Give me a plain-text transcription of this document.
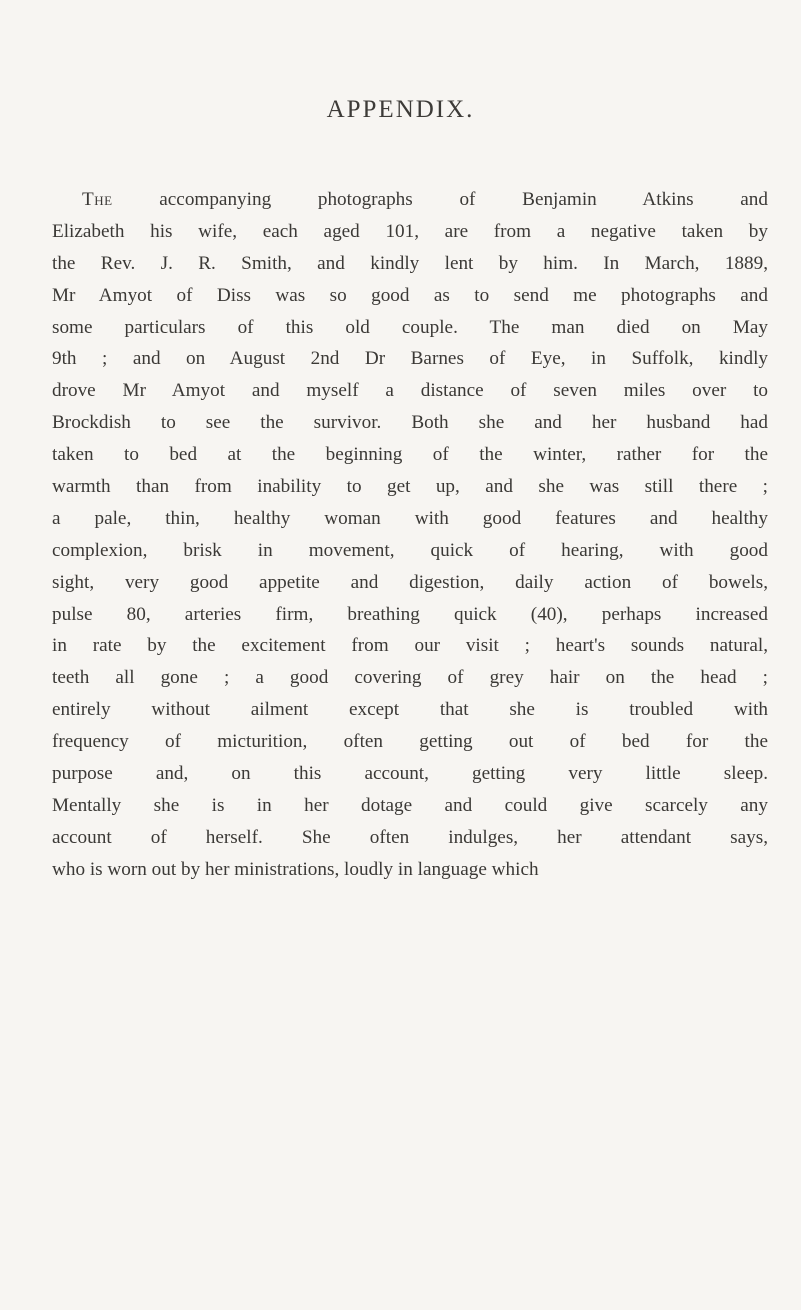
APPENDIX.
The accompanying photographs of Benjamin Atkins and
Elizabeth his wife, each aged 101, are from a negative taken by
the Rev. J. R. Smith, and kindly lent by him. In March, 1889,
Mr Amyot of Diss was so good as to send me photographs and
some particulars of this old couple. The man died on May
9th ; and on August 2nd Dr Barnes of Eye, in Suffolk, kindly
drove Mr Amyot and myself a distance of seven miles over to
Brockdish to see the survivor. Both she and her husband had
taken to bed at the beginning of the winter, rather for the
warmth than from inability to get up, and she was still there ;
a pale, thin, healthy woman with good features and healthy
complexion, brisk in movement, quick of hearing, with good
sight, very good appetite and digestion, daily action of bowels,
pulse 80, arteries firm, breathing quick (40), perhaps increased
in rate by the excitement from our visit ; heart's sounds natural,
teeth all gone ; a good covering of grey hair on the head ;
entirely without ailment except that she is troubled with
frequency of micturition, often getting out of bed for the
purpose and, on this account, getting very little sleep.
Mentally she is in her dotage and could give scarcely any
account of herself. She often indulges, her attendant says,
who is worn out by her ministrations, loudly in language which
